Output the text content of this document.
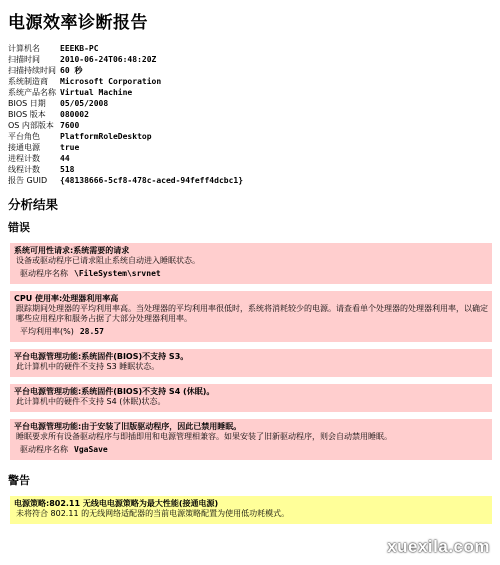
电源效率诊断报告
计算机名	EEEKB-PC
扫描时间	2010-06-24T06:48:20Z
扫描持续时间	60 秒
系统制造商	Microsoft Corporation
系统产品名称	Virtual Machine
BIOS 日期	05/05/2008
BIOS 版本	080002
OS 内部版本	7600
平台角色	PlatformRoleDesktop
接通电源	true
进程计数	44
线程计数	518
报告 GUID	{48138666-5cf8-478c-aced-94feff4dcbc1}
分析结果
错误
系统可用性请求:系统需要的请求
设备或驱动程序已请求阻止系统自动进入睡眠状态。
驱动程序名称 \FileSystem\srvnet
CPU 使用率:处理器利用率高
跟踪期间处理器的平均利用率高。当处理器的平均利用率很低时，系统将消耗较少的电源。请查看单个处理器的处理器利用率，以确定哪些应用程序和服务占据了大部分处理器利用率。
平均利用率(%) 28.57
平台电源管理功能:系统固件(BIOS)不支持 S3。
此计算机中的硬件不支持 S3 睡眠状态。
平台电源管理功能:系统固件(BIOS)不支持 S4 (休眠)。
此计算机中的硬件不支持 S4 (休眠)状态。
平台电源管理功能:由于安装了旧版驱动程序，因此已禁用睡眠。
睡眠要求所有设备驱动程序与即插即用和电源管理相兼容。如果安装了旧新驱动程序，则会自动禁用睡眠。
驱动程序名称 VgaSave
警告
电源策略:802.11 无线电电源策略为最大性能(接通电源)
未将符合 802.11 的无线网络适配器的当前电源策略配置为使用低功耗模式。
xuexila.com
